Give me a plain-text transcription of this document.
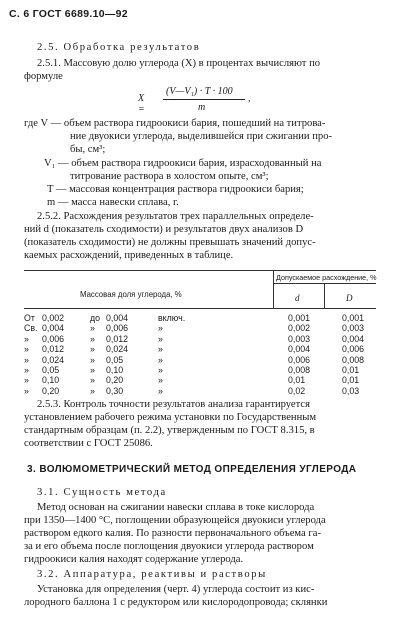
С. 6 ГОСТ 6689.10—92
2.5. Обработка результатов
2.5.1. Массовую долю углерода (X) в процентах вычисляют по
формуле
X =
(V—V₁) · T · 100
m
,
где V — объем раствора гидроокиси бария, пошедший на титрова-
ние двуокиси углерода, выделившейся при сжигании про-
бы, см³;
V₁ — объем раствора гидроокиси бария, израсходованный на
титрование раствора в холостом опыте, см³;
T — массовая концентрация раствора гидроокиси бария;
m — масса навески сплава, г.
2.5.2. Расхождения результатов трех параллельных определе-
ний d (показатель сходимости) и результатов двух анализов D
(показатель сходимости) не должны превышать значений допус-
каемых расхождений, приведенных в таблице.
Массовая доля углерода, %
Допускаемое расхождение, %
d	D
От 0,002	до 0,004	включ.	0,001	0,001
Св. 0,004	» 0,006	»	0,002	0,003
» 0,006	» 0,012	»	0,003	0,004
» 0,012	» 0,024	»	0,004	0,006
» 0,024	» 0,05	»	0,006	0,008
» 0,05	» 0,10	»	0,008	0,01
» 0,10	» 0,20	»	0,01	0,01
» 0,20	» 0,30	»	0,02	0,03
2.5.3. Контроль точности результатов анализа гарантируется
установлением рабочего режима установки по Государственным
стандартным образцам (п. 2.2), утвержденным по ГОСТ 8.315, в
соответствии с ГОСТ 25086.
3. ВОЛЮМОМЕТРИЧЕСКИЙ МЕТОД ОПРЕДЕЛЕНИЯ УГЛЕРОДА
3.1. Сущность метода
Метод основан на сжигании навески сплава в токе кислорода
при 1350—1400 °С, поглощении образующейся двуокиси углерода
раствором едкого калия. По разности первоначального объема га-
за и его объема после поглощения двуокиси углерода раствором
гидроокиси калия находят содержание углерода.
3.2. Аппаратура, реактивы и растворы
Установка для определения (черт. 4) углерода состоит из кис-
лородного баллона 1 с редуктором или кислородопровода; склянки
